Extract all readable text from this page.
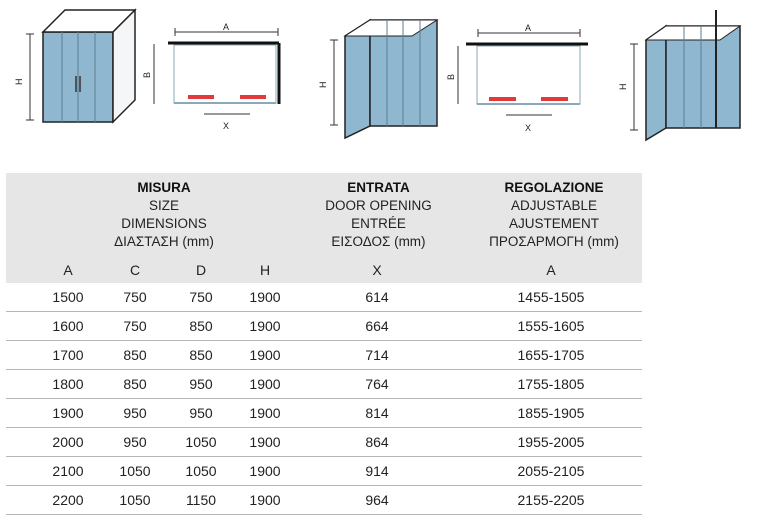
H
A
B
X
H
A
B
X
H
MISURA
SIZE
DIMENSIONS
ΔΙΑΣΤΑΣΗ (mm)
ENTRATA
DOOR OPENING
ENTRÉE
ΕΙΣΟΔΟΣ (mm)
REGOLAZIONE
ADJUSTABLE
AJUSTEMENT
ΠΡΟΣΑΡΜΟΓΗ (mm)
A	C	D	H	X	A
1500	750	750	1900	614	1455-1505
1600	750	850	1900	664	1555-1605
1700	850	850	1900	714	1655-1705
1800	850	950	1900	764	1755-1805
1900	950	950	1900	814	1855-1905
2000	950	1050	1900	864	1955-2005
2100	1050	1050	1900	914	2055-2105
2200	1050	1150	1900	964	2155-2205
